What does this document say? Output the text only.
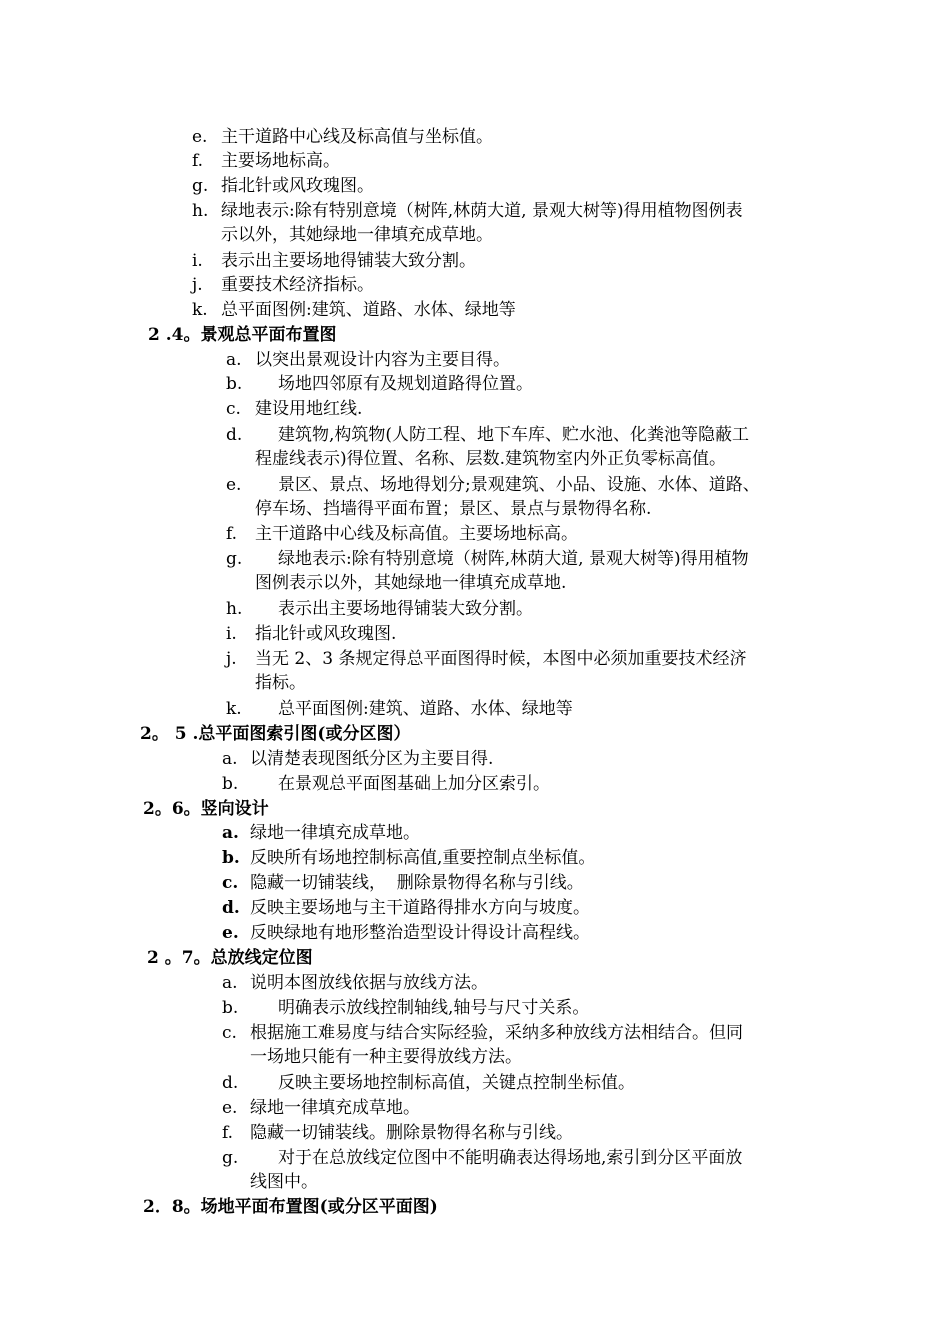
e. 主干道路中心线及标高值与坐标值。
f. 主要场地标高。
g. 指北针或风玫瑰图。
h. 绿地表示:除有特别意境（树阵,林荫大道, 景观大树等)得用植物图例表
示以外，其她绿地一律填充成草地。
i. 表示出主要场地得铺装大致分割。
j. 重要技术经济指标。
k. 总平面图例:建筑、道路、水体、绿地等
2 .4。景观总平面布置图
a. 以突出景观设计内容为主要目得。
b. 场地四邻原有及规划道路得位置。
c. 建设用地红线.
d. 建筑物,构筑物(人防工程、地下车库、贮水池、化粪池等隐蔽工
程虚线表示)得位置、名称、层数.建筑物室内外正负零标高值。
e. 景区、景点、场地得划分;景观建筑、小品、设施、水体、道路、
停车场、挡墙得平面布置；景区、景点与景物得名称.
f. 主干道路中心线及标高值。主要场地标高。
g. 绿地表示:除有特别意境（树阵,林荫大道, 景观大树等)得用植物
图例表示以外，其她绿地一律填充成草地.
h. 表示出主要场地得铺装大致分割。
i. 指北针或风玫瑰图.
j. 当无 2、3 条规定得总平面图得时候，本图中必须加重要技术经济
指标。
k. 总平面图例:建筑、道路、水体、绿地等
2。 5 .总平面图索引图(或分区图）
a. 以清楚表现图纸分区为主要目得.
b. 在景观总平面图基础上加分区索引。
2。6。竖向设计
a. 绿地一律填充成草地。
b. 反映所有场地控制标高值,重要控制点坐标值。
c. 隐藏一切铺装线，  删除景物得名称与引线。
d. 反映主要场地与主干道路得排水方向与坡度。
e. 反映绿地有地形整治造型设计得设计高程线。
2 。7。总放线定位图
a. 说明本图放线依据与放线方法。
b. 明确表示放线控制轴线,轴号与尺寸关系。
c. 根据施工难易度与结合实际经验，采纳多种放线方法相结合。但同
一场地只能有一种主要得放线方法。
d. 反映主要场地控制标高值，关键点控制坐标值。
e. 绿地一律填充成草地。
f. 隐藏一切铺装线。删除景物得名称与引线。
g. 对于在总放线定位图中不能明确表达得场地,索引到分区平面放
线图中。
2．8。场地平面布置图(或分区平面图)
